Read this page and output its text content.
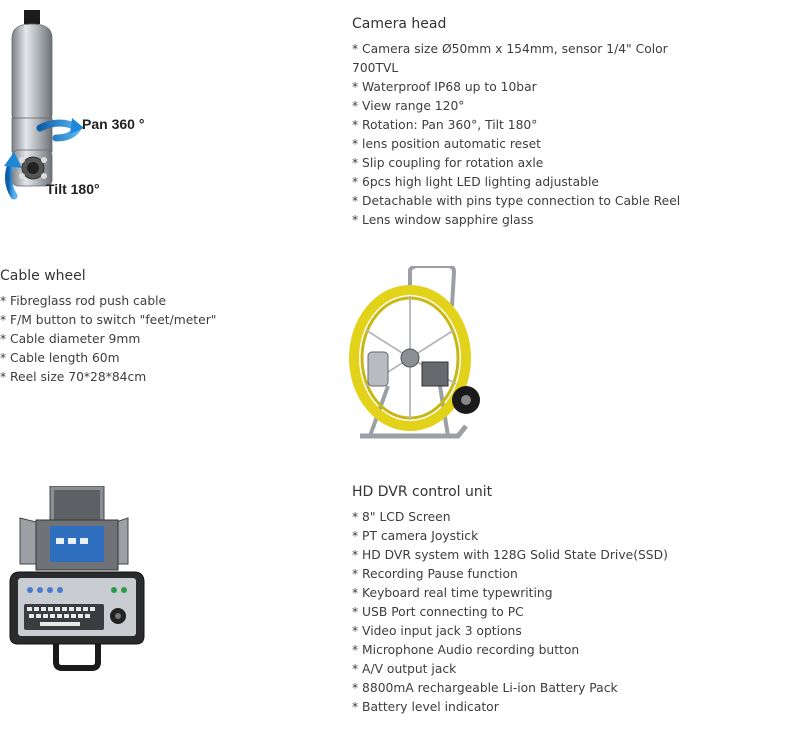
Pan 360 °
Tilt 180°
Camera head
* Camera size Ø50mm x 154mm, sensor 1/4" Color 700TVL
* Waterproof IP68 up to 10bar
* View range 120°
* Rotation: Pan 360°, Tilt 180°
* lens position automatic reset
* Slip coupling for rotation axle
* 6pcs high light LED lighting adjustable
* Detachable with pins type connection to Cable Reel
* Lens window sapphire glass
Cable wheel
* Fibreglass rod push cable
* F/M button to switch "feet/meter"
* Cable diameter 9mm
* Cable length 60m
* Reel size 70*28*84cm
HD DVR control unit
* 8" LCD Screen
* PT camera Joystick
* HD DVR system with 128G Solid State Drive(SSD)
* Recording Pause function
* Keyboard real time typewriting
* USB Port connecting to PC
* Video input jack 3 options
* Microphone Audio recording button
* A/V output jack
* 8800mA rechargeable Li-ion Battery Pack
* Battery level indicator
